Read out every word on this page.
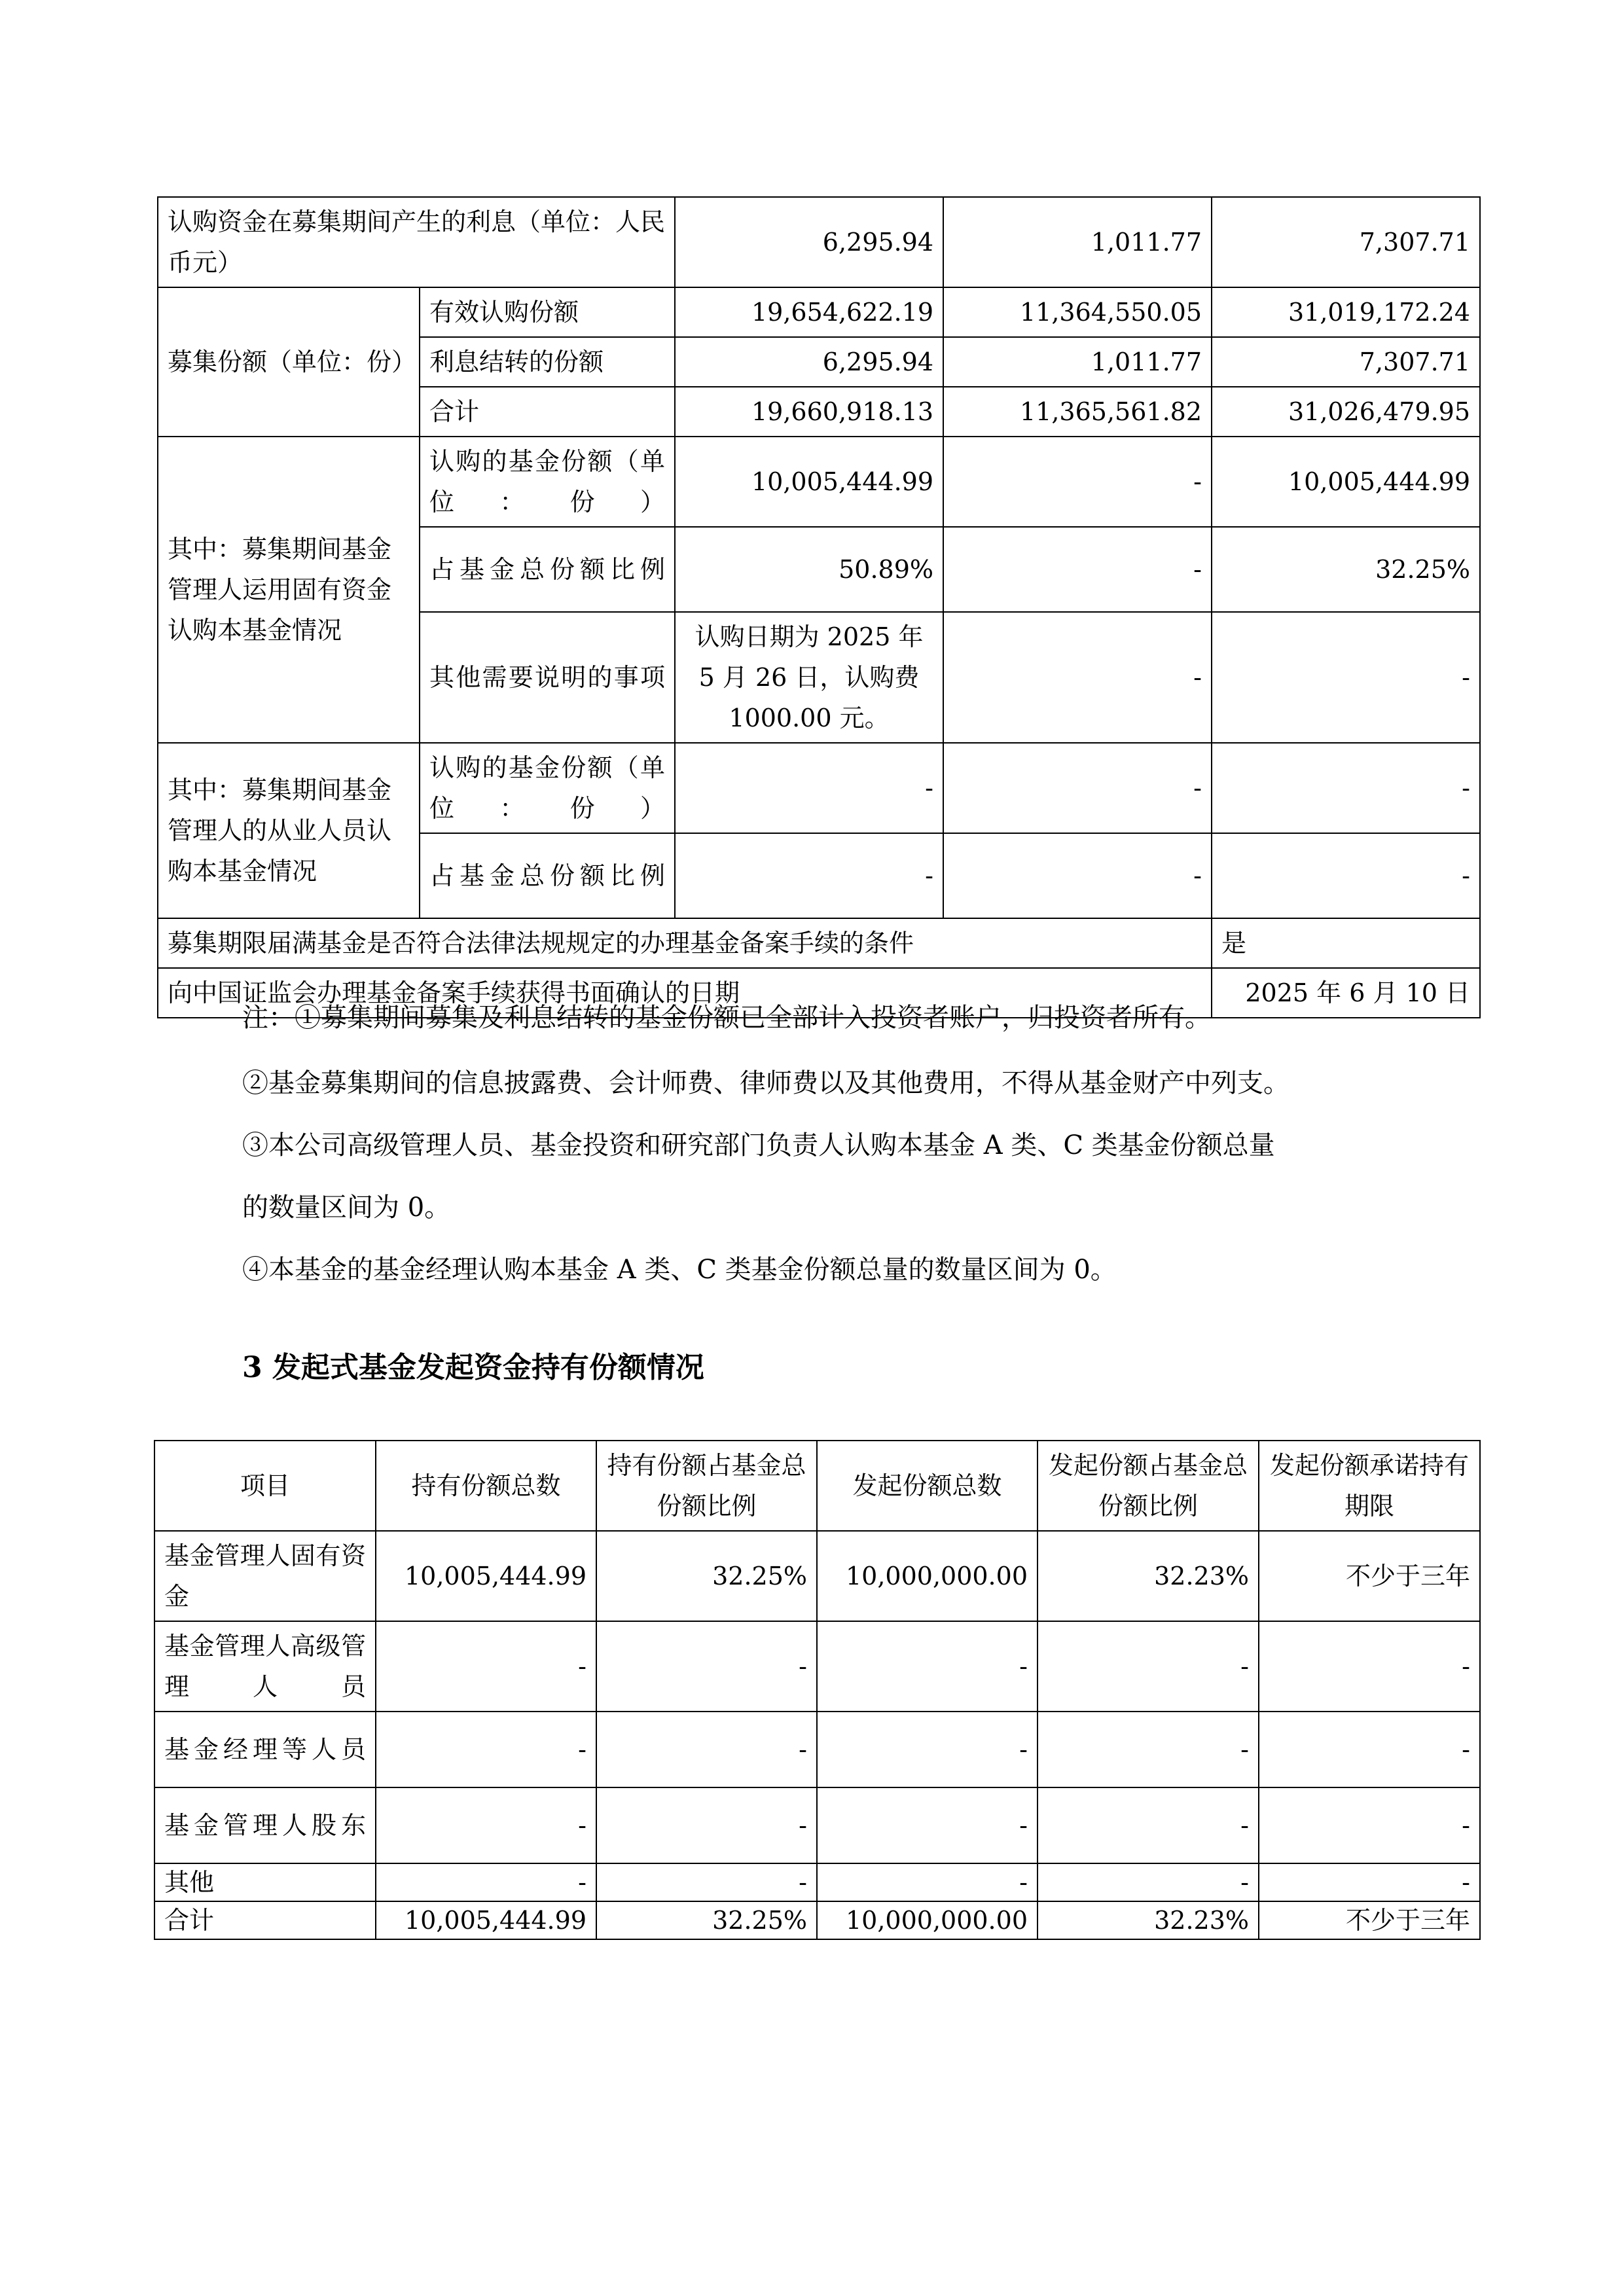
认购资金在募集期间产生的利息（单位：人民币元）		6,295.94	1,011.77	7,307.71
募集份额（单位：份）	有效认购份额	19,654,622.19	11,364,550.05	31,019,172.24
	利息结转的份额	6,295.94	1,011.77	7,307.71
	合计	19,660,918.13	11,365,561.82	31,026,479.95
其中：募集期间基金管理人运用固有资金认购本基金情况	认购的基金份额（单位：份）	10,005,444.99	-	10,005,444.99
	占基金总份额比例	50.89%	-	32.25%
	其他需要说明的事项	认购日期为 2025 年 5 月 26 日，认购费 1000.00 元。	-	-
其中：募集期间基金管理人的从业人员认购本基金情况	认购的基金份额（单位：份）	-	-	-
	占基金总份额比例	-	-	-
募集期限届满基金是否符合法律法规规定的办理基金备案手续的条件				是
向中国证监会办理基金备案手续获得书面确认的日期				2025 年 6 月 10 日
注：①募集期间募集及利息结转的基金份额已全部计入投资者账户，归投资者所有。
②基金募集期间的信息披露费、会计师费、律师费以及其他费用，不得从基金财产中列支。
③本公司高级管理人员、基金投资和研究部门负责人认购本基金 A 类、C 类基金份额总量
的数量区间为 0。
④本基金的基金经理认购本基金 A 类、C 类基金份额总量的数量区间为 0。
3 发起式基金发起资金持有份额情况
项目	持有份额总数	持有份额占基金总份额比例	发起份额总数	发起份额占基金总份额比例	发起份额承诺持有期限
基金管理人固有资金	10,005,444.99	32.25%	10,000,000.00	32.23%	不少于三年
基金管理人高级管理人员	-	-	-	-	-
基金经理等人员	-	-	-	-	-
基金管理人股东	-	-	-	-	-
其他	-	-	-	-	-
合计	10,005,444.99	32.25%	10,000,000.00	32.23%	不少于三年
